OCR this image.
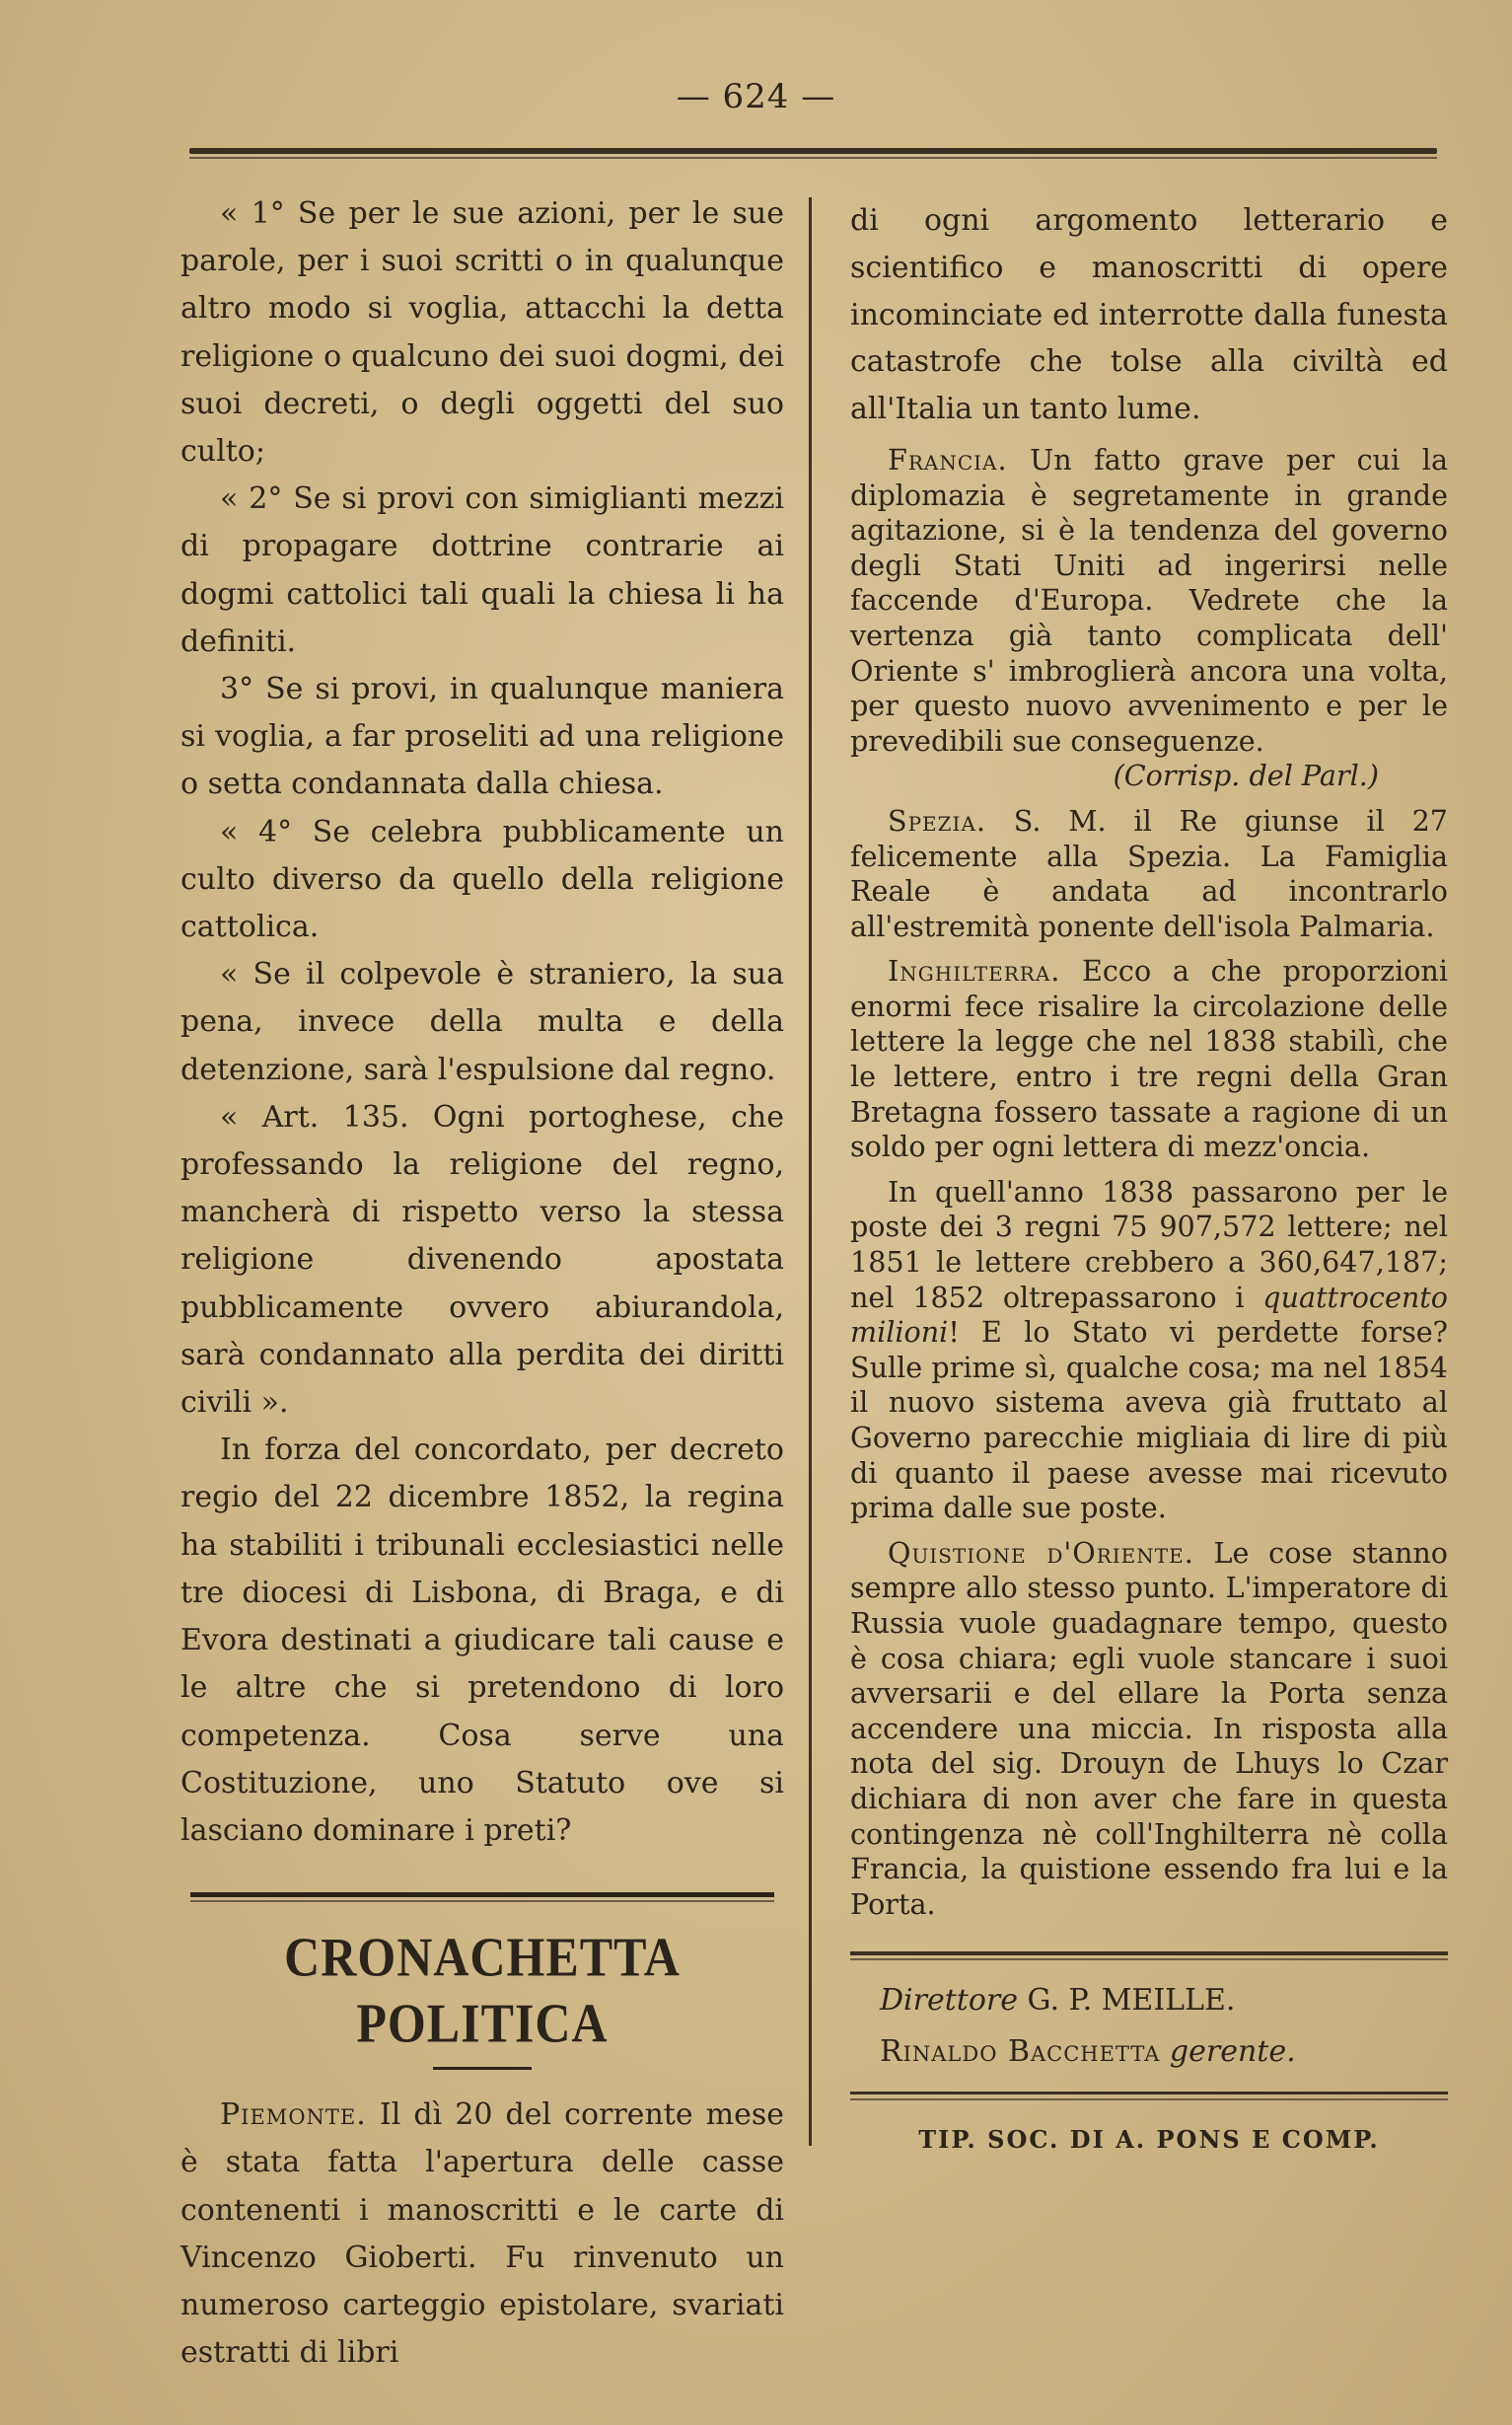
— 624 —

« 1° Se per le sue azioni, per le sue parole, per i suoi scritti o in qualunque altro modo si voglia, attacchi la detta religione o qualcuno dei suoi dogmi, dei suoi decreti, o degli oggetti del suo culto;

« 2° Se si provi con simiglianti mezzi di propagare dottrine contrarie ai dogmi cattolici tali quali la chiesa li ha definiti.

3° Se si provi, in qualunque maniera si voglia, a far proseliti ad una religione o setta condannata dalla chiesa.

« 4° Se celebra pubblicamente un culto diverso da quello della religione cattolica.

« Se il colpevole è straniero, la sua pena, invece della multa e della detenzione, sarà l'espulsione dal regno.

« Art. 135. Ogni portoghese, che professando la religione del regno, mancherà di rispetto verso la stessa religione divenendo apostata pubblicamente ovvero abiurandola, sarà condannato alla perdita dei diritti civili ».

In forza del concordato, per decreto regio del 22 dicembre 1852, la regina ha stabiliti i tribunali ecclesiastici nelle tre diocesi di Lisbona, di Braga, e di Evora destinati a giudicare tali cause e le altre che si pretendono di loro competenza. Cosa serve una Costituzione, uno Statuto ove si lasciano dominare i preti?

CRONACHETTA POLITICA

Piemonte. Il dì 20 del corrente mese è stata fatta l'apertura delle casse contenenti i manoscritti e le carte di Vincenzo Gioberti. Fu rinvenuto un numeroso carteggio epistolare, svariati estratti di libri

di ogni argomento letterario e scientifico e manoscritti di opere incominciate ed interrotte dalla funesta catastrofe che tolse alla civiltà ed all'Italia un tanto lume.

Francia. Un fatto grave per cui la diplomazia è segretamente in grande agitazione, si è la tendenza del governo degli Stati Uniti ad ingerirsi nelle faccende d'Europa. Vedrete che la vertenza già tanto complicata dell' Oriente s' imbroglierà ancora una volta, per questo nuovo avvenimento e per le prevedibili sue conseguenze.

(Corrisp. del Parl.)

Spezia. S. M. il Re giunse il 27 felicemente alla Spezia. La Famiglia Reale è andata ad incontrarlo all'estremità ponente dell'isola Palmaria.

Inghilterra. Ecco a che proporzioni enormi fece risalire la circolazione delle lettere la legge che nel 1838 stabilì, che le lettere, entro i tre regni della Gran Bretagna fossero tassate a ragione di un soldo per ogni lettera di mezz'oncia.

In quell'anno 1838 passarono per le poste dei 3 regni 75 907,572 lettere; nel 1851 le lettere crebbero a 360,647,187; nel 1852 oltrepassarono i quattrocento milioni! E lo Stato vi perdette forse? Sulle prime sì, qualche cosa; ma nel 1854 il nuovo sistema aveva già fruttato al Governo parecchie migliaia di lire di più di quanto il paese avesse mai ricevuto prima dalle sue poste.

Quistione d'Oriente. Le cose stanno sempre allo stesso punto. L'imperatore di Russia vuole guadagnare tempo, questo è cosa chiara; egli vuole stancare i suoi avversarii e del ellare la Porta senza accendere una miccia. In risposta alla nota del sig. Drouyn de Lhuys lo Czar dichiara di non aver che fare in questa contingenza nè coll'Inghilterra nè colla Francia, la quistione essendo fra lui e la Porta.

Direttore G. P. MEILLE.
Rinaldo Bacchetta gerente.
TIP. SOC. DI A. PONS E COMP.
